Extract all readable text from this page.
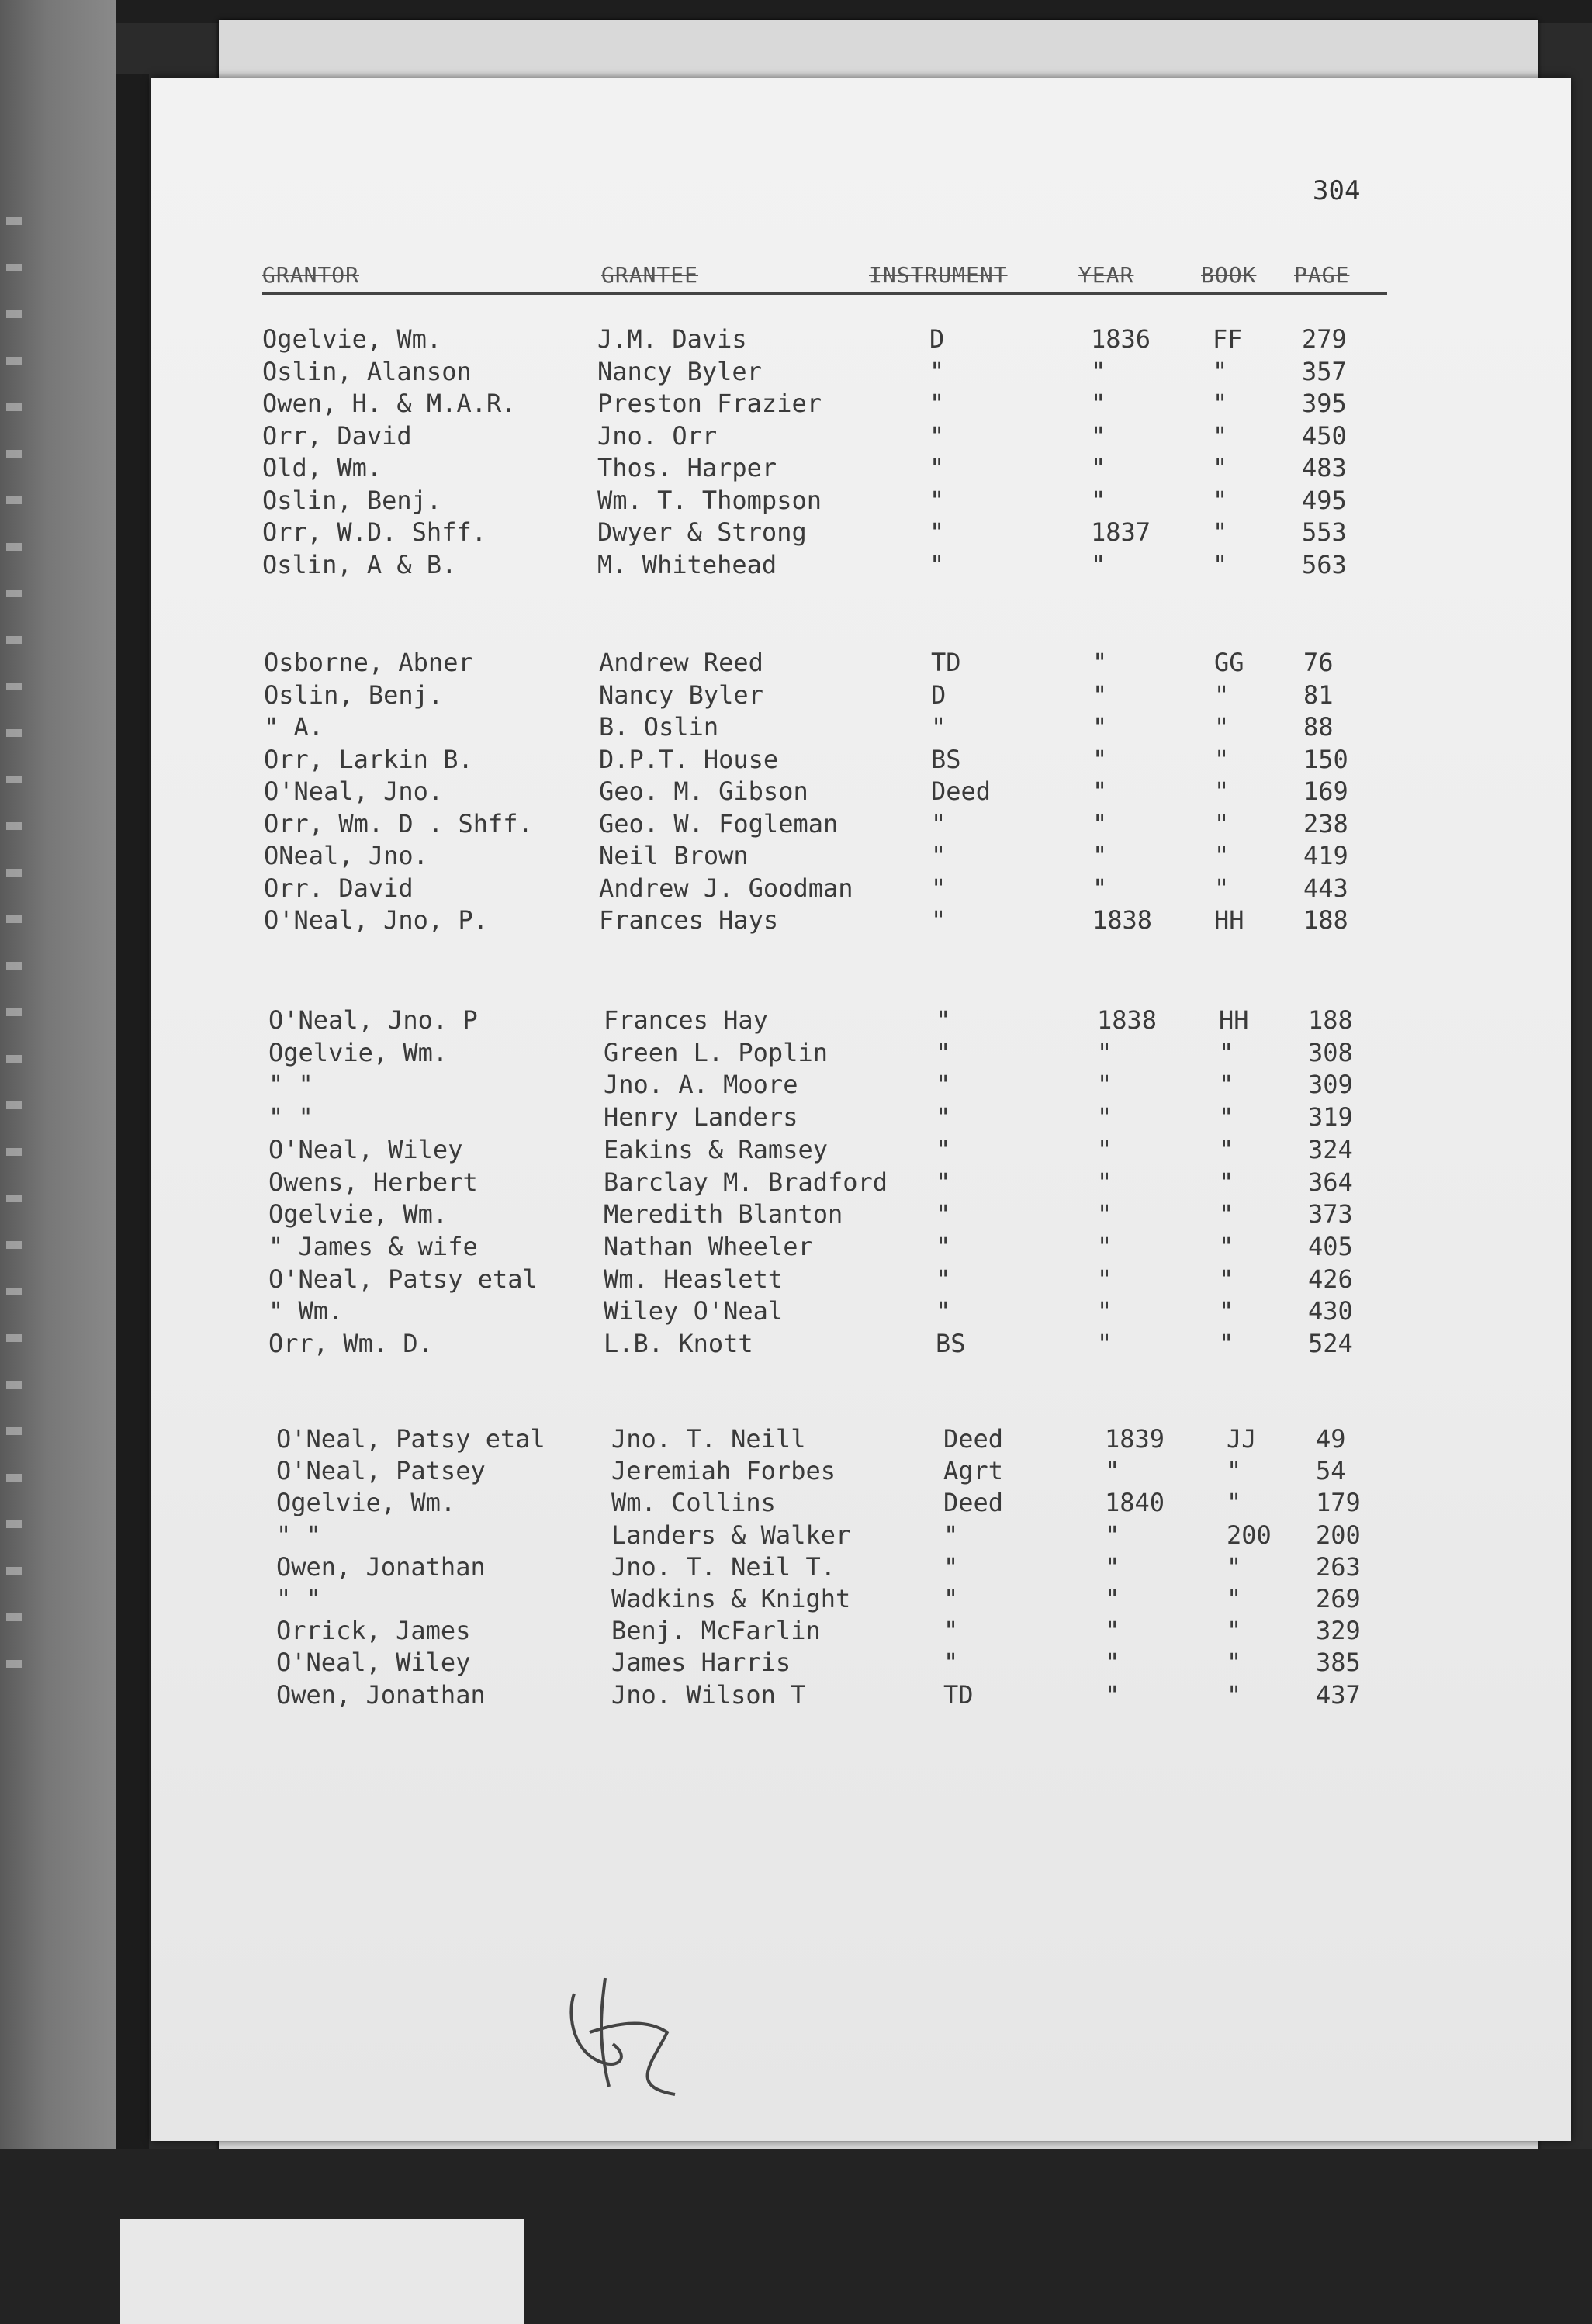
304
GRANTOR	GRANTEE	INSTRUMENT	YEAR	BOOK PAGE
Ogelvie, Wm.	J.M. Davis	D	1836 FF 279
Oslin, Alanson	Nancy Byler	"	"	"	357
Owen, H. & M.A.R.	Preston Frazier	"	"	"	395
Orr, David	Jno. Orr	"	"	"	450
Old, Wm.	Thos. Harper	"	"	"	483
Oslin, Benj.	Wm. T. Thompson	"	"	"	495
Orr, W.D. Shff.	Dwyer & Strong	"	1837 "	553
Oslin, A & B.	M. Whitehead	"	"	"	563
Osborne, Abner	Andrew Reed	TD	"	GG 76
Oslin, Benj.	Nancy Byler	D	"	"	81
" A.	B. Oslin	"	"	"	88
Orr, Larkin B.	D.P.T. House	BS	"	"	150
O'Neal, Jno.	Geo. M. Gibson	Deed	"	"	169
Orr, Wm. D . Shff.	Geo. W. Fogleman	"	"	"	238
ONeal, Jno.	Neil Brown	"	"	"	419
Orr. David	Andrew J. Goodman	"	"	"	443
O'Neal, Jno, P.	Frances Hays	"	1838 HH 188
O'Neal, Jno. P	Frances Hay	"	1838 HH 188
Ogelvie, Wm.	Green L. Poplin	"	"	"	308
" "	Jno. A. Moore	"	"	"	309
" "	Henry Landers	"	"	"	319
O'Neal, Wiley	Eakins & Ramsey	"	"	"	324
Owens, Herbert	Barclay M. Bradford "	"	"	364
Ogelvie, Wm.	Meredith Blanton	"	"	"	373
" James & wife	Nathan Wheeler	"	"	"	405
O'Neal, Patsy etal	Wm. Heaslett	"	"	"	426
" Wm.	Wiley O'Neal	"	"	"	430
Orr, Wm. D.	L.B. Knott	BS	"	"	524
O'Neal, Patsy etal	Jno. T. Neill	Deed	1839 JJ 49
O'Neal, Patsey	Jeremiah Forbes	Agrt	"	"	54
Ogelvie, Wm.	Wm. Collins	Deed	1840 "	179
" "	Landers & Walker	"	"	200 200
Owen, Jonathan	Jno. T. Neil T.	"	"	"	263
" "	Wadkins & Knight	"	"	"	269
Orrick, James	Benj. McFarlin	"	"	"	329
O'Neal, Wiley	James Harris	"	"	"	385
Owen, Jonathan	Jno. Wilson T	TD	"	"	437
